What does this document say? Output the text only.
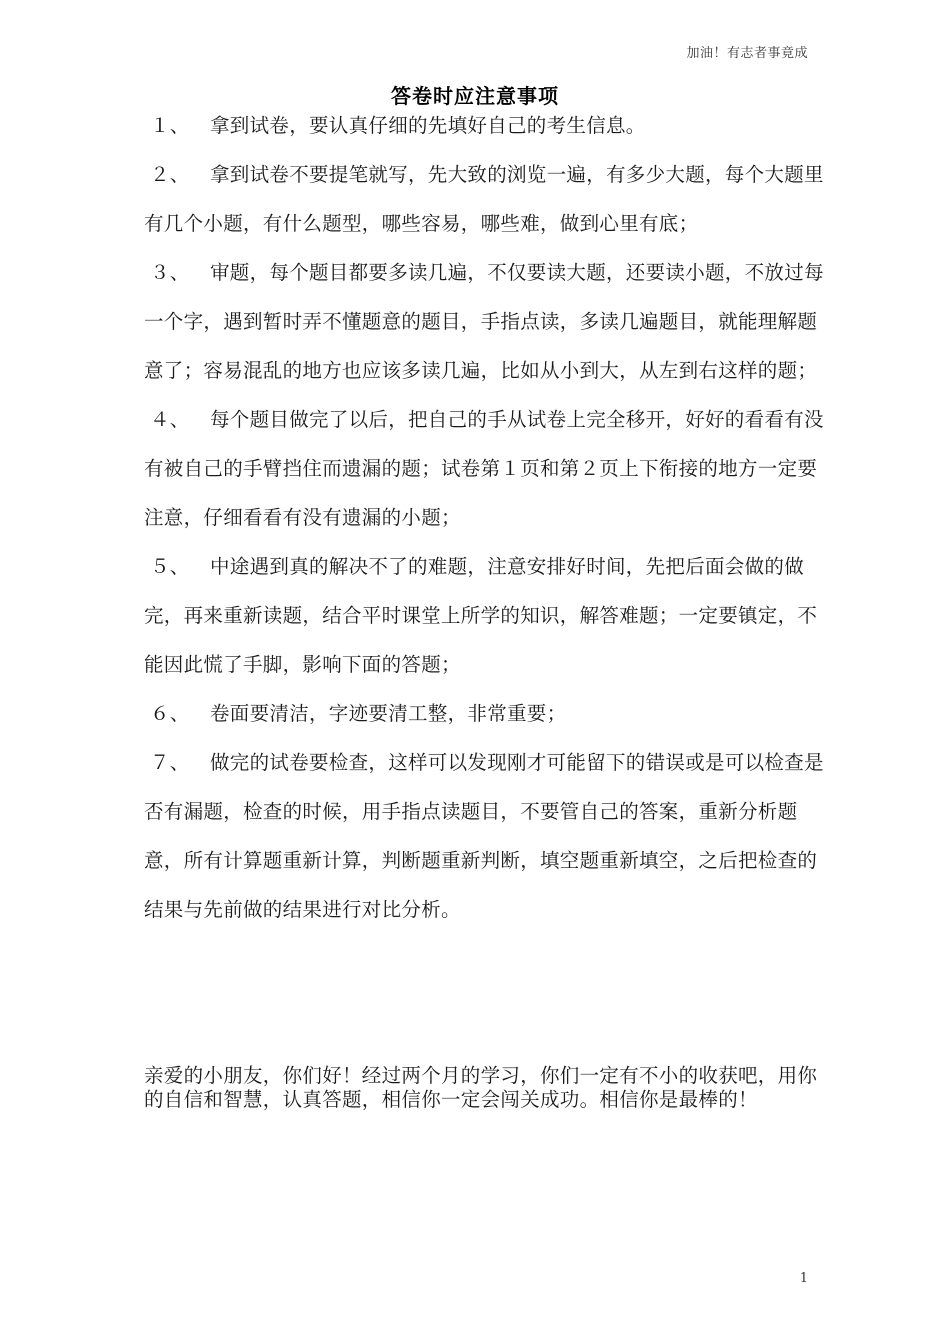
加油！有志者事竟成
答卷时应注意事项

１、 拿到试卷，要认真仔细的先填好自己的考生信息。

２、 拿到试卷不要提笔就写，先大致的浏览一遍，有多少大题，每个大题里有几个小题，有什么题型，哪些容易，哪些难，做到心里有底；

３、 审题，每个题目都要多读几遍，不仅要读大题，还要读小题，不放过每一个字，遇到暂时弄不懂题意的题目，手指点读，多读几遍题目，就能理解题意了；容易混乱的地方也应该多读几遍，比如从小到大，从左到右这样的题；

４、 每个题目做完了以后，把自己的手从试卷上完全移开，好好的看看有没有被自己的手臂挡住而遗漏的题；试卷第１页和第２页上下衔接的地方一定要注意，仔细看看有没有遗漏的小题；

５、 中途遇到真的解决不了的难题，注意安排好时间，先把后面会做的做完，再来重新读题，结合平时课堂上所学的知识，解答难题；一定要镇定，不能因此慌了手脚，影响下面的答题；

６、 卷面要清洁，字迹要清工整，非常重要；

７、 做完的试卷要检查，这样可以发现刚才可能留下的错误或是可以检查是否有漏题，检查的时候，用手指点读题目，不要管自己的答案，重新分析题意，所有计算题重新计算，判断题重新判断，填空题重新填空，之后把检查的结果与先前做的结果进行对比分析。

亲爱的小朋友，你们好！经过两个月的学习，你们一定有不小的收获吧，用你的自信和智慧，认真答题，相信你一定会闯关成功。相信你是最棒的！
1
